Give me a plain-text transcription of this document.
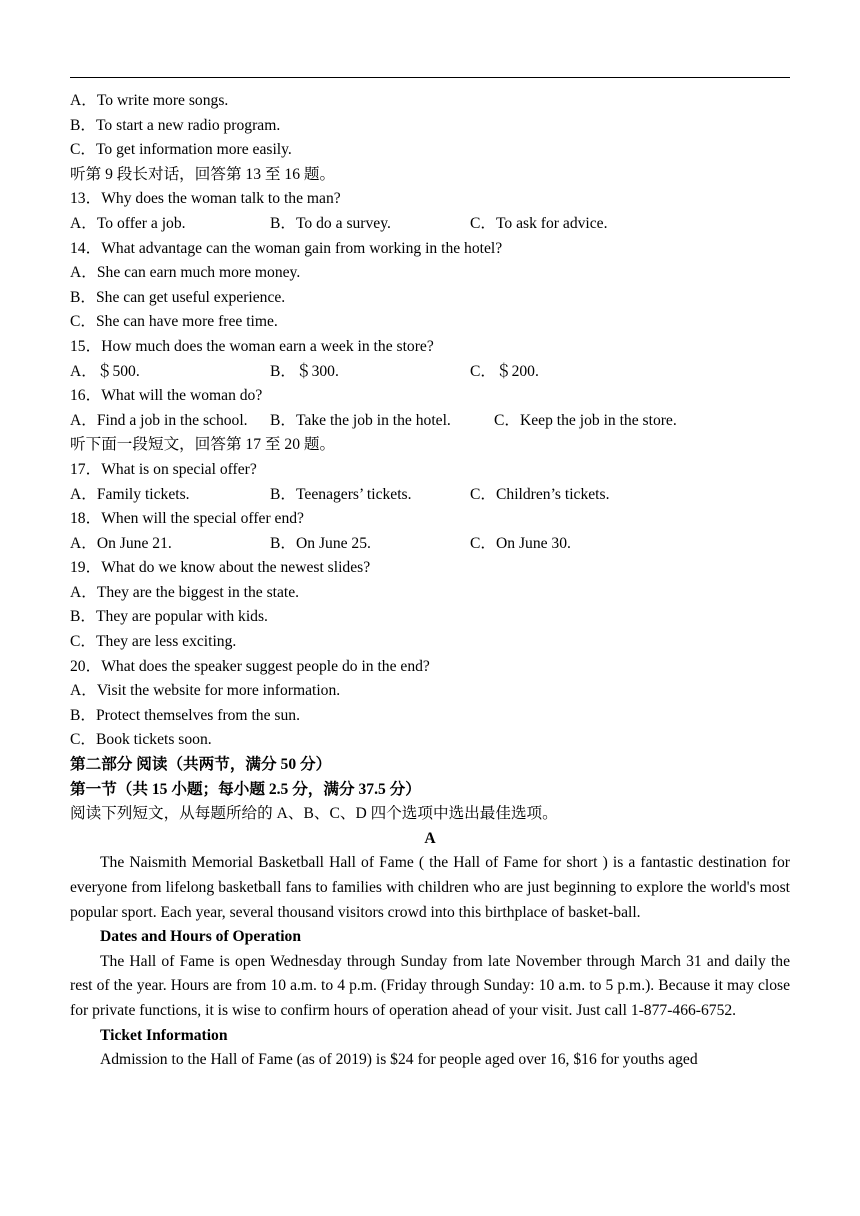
A．To write more songs.
B．To start a new radio program.
C．To get information more easily.
听第 9 段长对话，回答第 13 至 16 题。
13．Why does the woman talk to the man?
A．To offer a job.	B．To do a survey.	C．To ask for advice.
14．What advantage can the woman gain from working in the hotel?
A．She can earn much more money.
B．She can get useful experience.
C．She can have more free time.
15．How much does the woman earn a week in the store?
A．＄500.	B．＄300.	C．＄200.
16．What will the woman do?
A．Find a job in the school. B．Take the job in the hotel.	C．Keep the job in the store.
听下面一段短文，回答第 17 至 20 题。
17．What is on special offer?
A．Family tickets.	B．Teenagers’ tickets.	C．Children’s tickets.
18．When will the special offer end?
A．On June 21.	B．On June 25.	C．On June 30.
19．What do we know about the newest slides?
A．They are the biggest in the state.
B．They are popular with kids.
C．They are less exciting.
20．What does the speaker suggest people do in the end?
A．Visit the website for more information.
B．Protect themselves from the sun.
C．Book tickets soon.
第二部分 阅读（共两节，满分 50 分）
第一节（共 15 小题；每小题 2.5 分，满分 37.5 分）
阅读下列短文，从每题所给的 A、B、C、D 四个选项中选出最佳选项。
A

The Naismith Memorial Basketball Hall of Fame ( the Hall of Fame for short ) is a fantastic destination for everyone from lifelong basketball fans to families with children who are just beginning to explore the world's most popular sport. Each year, several thousand visitors crowd into this birthplace of basket-ball.

Dates and Hours of Operation

The Hall of Fame is open Wednesday through Sunday from late November through March 31 and daily the rest of the year. Hours are from 10 a.m. to 4 p.m. (Friday through Sunday: 10 a.m. to 5 p.m.). Because it may close for private functions, it is wise to confirm hours of operation ahead of your visit. Just call 1-877-466-6752.

Ticket Information

Admission to the Hall of Fame (as of 2019) is $24 for people aged over 16, $16 for youths aged
